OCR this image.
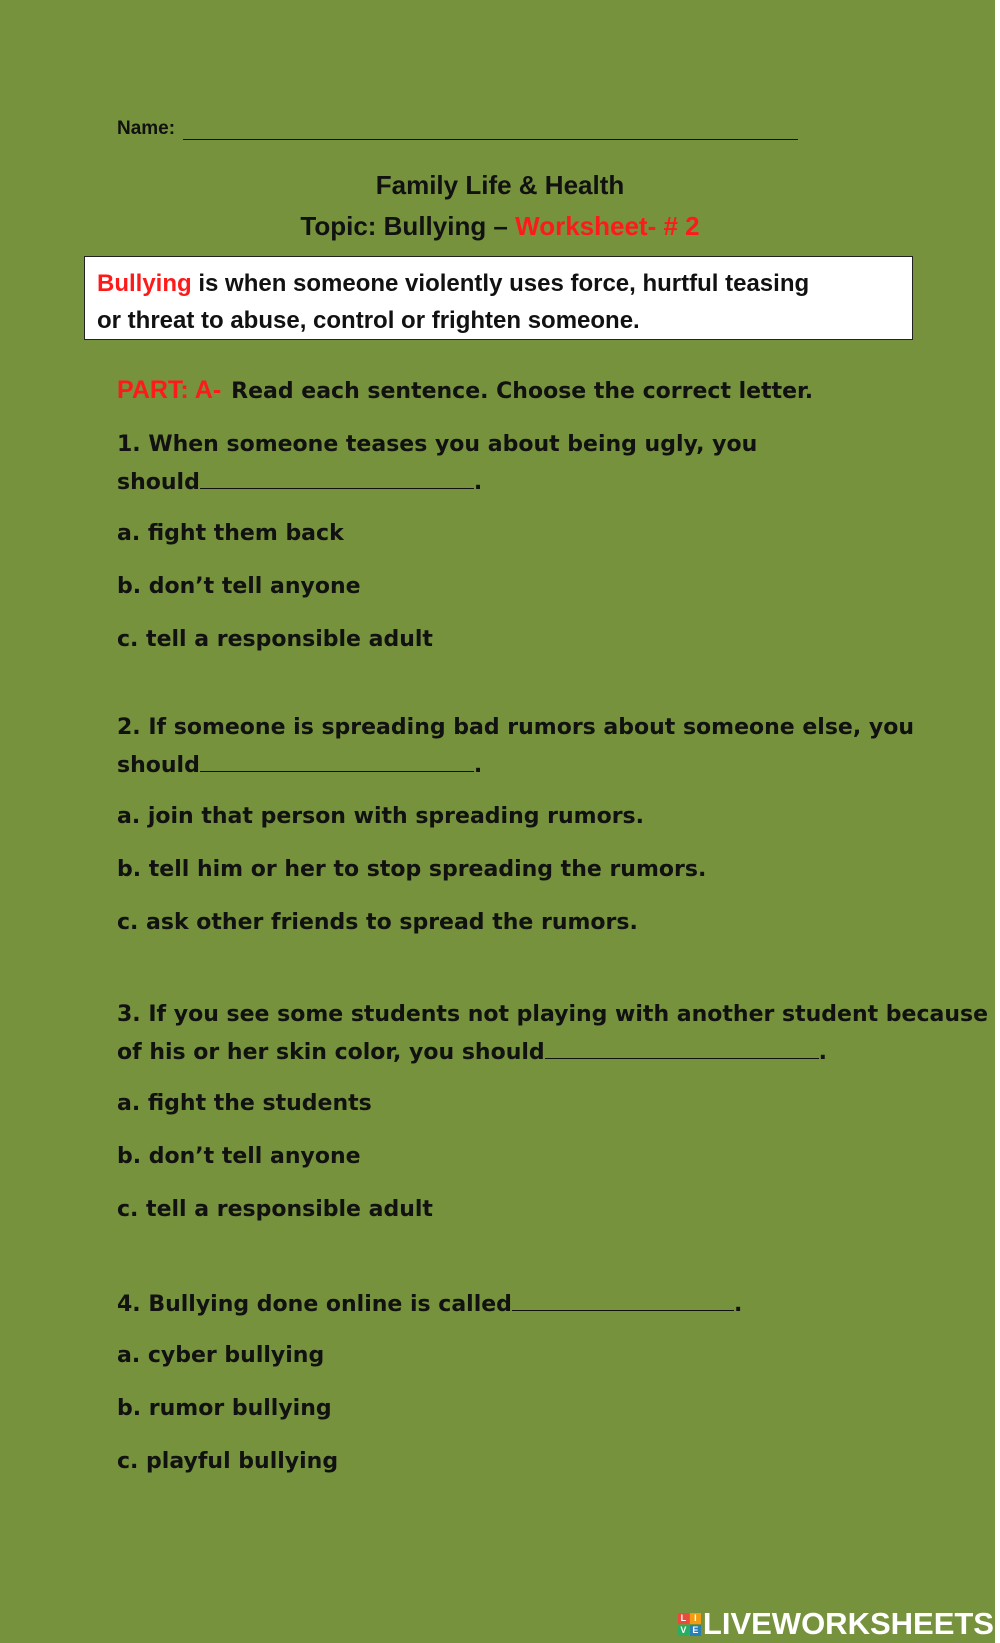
Name:
Family Life & Health
Topic: Bullying – Worksheet- # 2
Bullying is when someone violently uses force, hurtful teasing
or threat to abuse, control or frighten someone.
PART: A- Read each sentence. Choose the correct letter.
1. When someone teases you about being ugly, you
should	.
a. fight them back
b. don’t tell anyone
c. tell a responsible adult
2. If someone is spreading bad rumors about someone else, you
should	.
a. join that person with spreading rumors.
b. tell him or her to stop spreading the rumors.
c. ask other friends to spread the rumors.
3. If you see some students not playing with another student because
of his or her skin color, you should	.
a. fight the students
b. don’t tell anyone
c. tell a responsible adult
4. Bullying done online is called	.
a. cyber bullying
b. rumor bullying
c. playful bullying
L I
V E LIVEWORKSHEETS
